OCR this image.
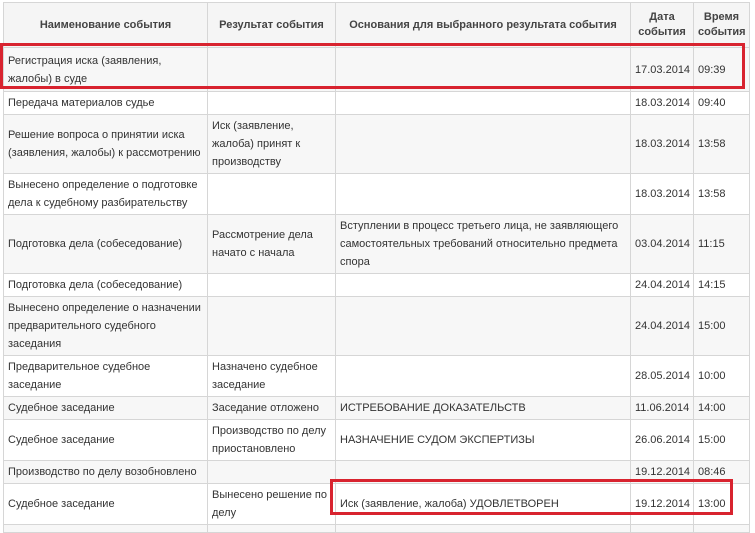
Наименование события	Результат события	Основания для выбранного результата события	Дата события	Время события
Регистрация иска (заявления, жалобы) в суде			17.03.2014	09:39
Передача материалов судье			18.03.2014	09:40
Решение вопроса о принятии иска (заявления, жалобы) к рассмотрению	Иск (заявление, жалоба) принят к производству		18.03.2014	13:58
Вынесено определение о подготовке дела к судебному разбирательству			18.03.2014	13:58
Подготовка дела (собеседование)	Рассмотрение дела начато с начала	Вступлении в процесс третьего лица, не заявляющего самостоятельных требований относительно предмета спора	03.04.2014	11:15
Подготовка дела (собеседование)			24.04.2014	14:15
Вынесено определение о назначении предварительного судебного заседания			24.04.2014	15:00
Предварительное судебное заседание	Назначено судебное заседание		28.05.2014	10:00
Судебное заседание	Заседание отложено	ИСТРЕБОВАНИЕ ДОКАЗАТЕЛЬСТВ	11.06.2014	14:00
Судебное заседание	Производство по делу приостановлено	НАЗНАЧЕНИЕ СУДОМ ЭКСПЕРТИЗЫ	26.06.2014	15:00
Производство по делу возобновлено			19.12.2014	08:46
Судебное заседание	Вынесено решение по делу	Иск (заявление, жалоба) УДОВЛЕТВОРЕН	19.12.2014	13:00
